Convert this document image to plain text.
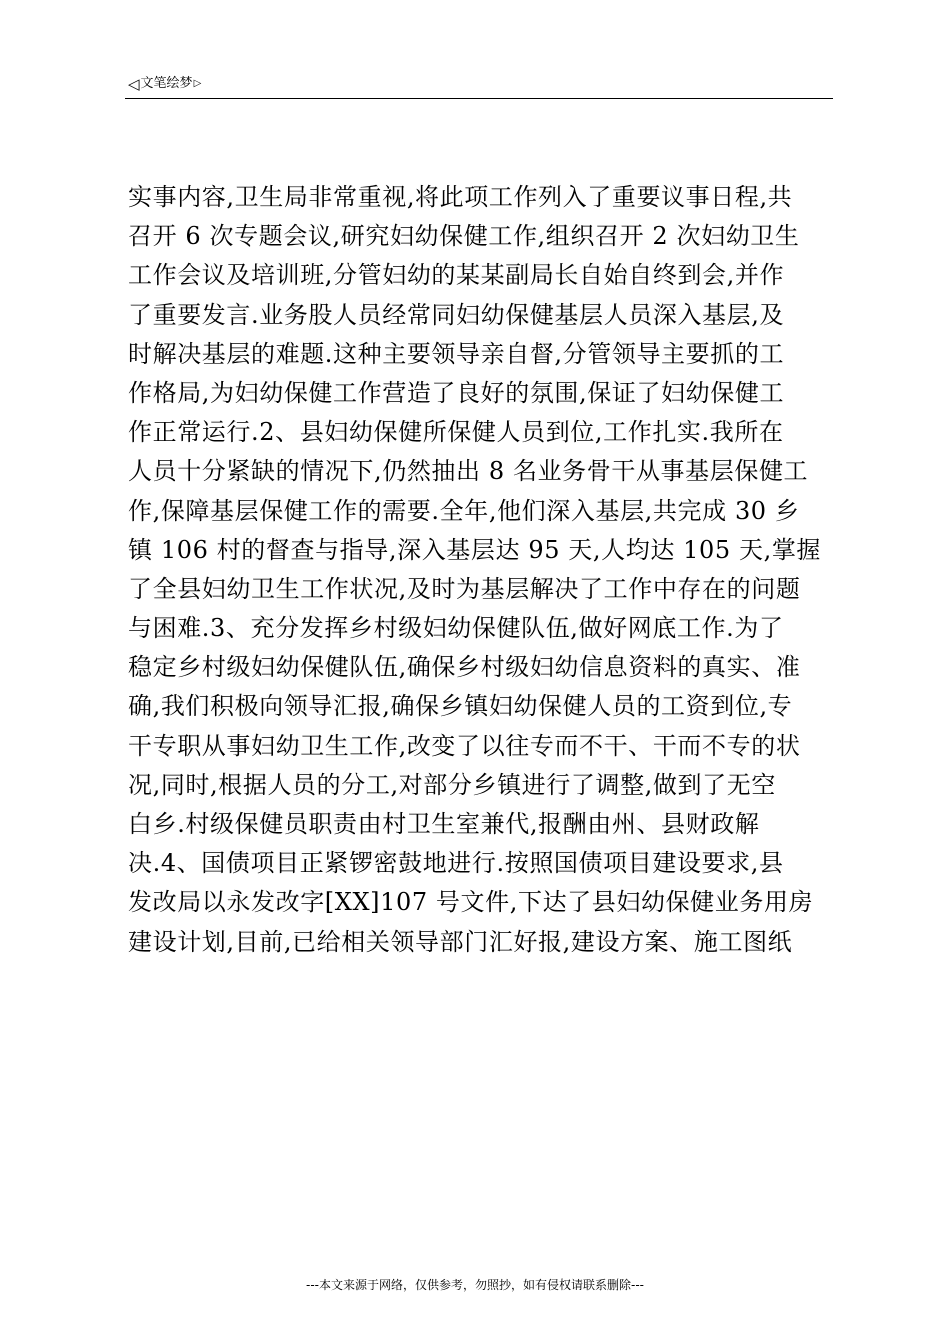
◁ 文笔绘梦 ▷
实事内容,卫生局非常重视,将此项工作列入了重要议事日程,共
召开 6 次专题会议,研究妇幼保健工作,组织召开 2 次妇幼卫生
工作会议及培训班,分管妇幼的某某副局长自始自终到会,并作
了重要发言.业务股人员经常同妇幼保健基层人员深入基层,及
时解决基层的难题.这种主要领导亲自督,分管领导主要抓的工
作格局,为妇幼保健工作营造了良好的氛围,保证了妇幼保健工
作正常运行.2、县妇幼保健所保健人员到位,工作扎实.我所在
人员十分紧缺的情况下,仍然抽出 8 名业务骨干从事基层保健工
作,保障基层保健工作的需要.全年,他们深入基层,共完成 30 乡
镇 106 村的督查与指导,深入基层达 95 天,人均达 105 天,掌握
了全县妇幼卫生工作状况,及时为基层解决了工作中存在的问题
与困难.3、充分发挥乡村级妇幼保健队伍,做好网底工作.为了
稳定乡村级妇幼保健队伍,确保乡村级妇幼信息资料的真实、准
确,我们积极向领导汇报,确保乡镇妇幼保健人员的工资到位,专
干专职从事妇幼卫生工作,改变了以往专而不干、干而不专的状
况,同时,根据人员的分工,对部分乡镇进行了调整,做到了无空
白乡.村级保健员职责由村卫生室兼代,报酬由州、县财政解
决.4、国债项目正紧锣密鼓地进行.按照国债项目建设要求,县
发改局以永发改字[XX]107 号文件,下达了县妇幼保健业务用房
建设计划,目前,已给相关领导部门汇好报,建设方案、施工图纸
---本文来源于网络，仅供参考，勿照抄，如有侵权请联系删除---
